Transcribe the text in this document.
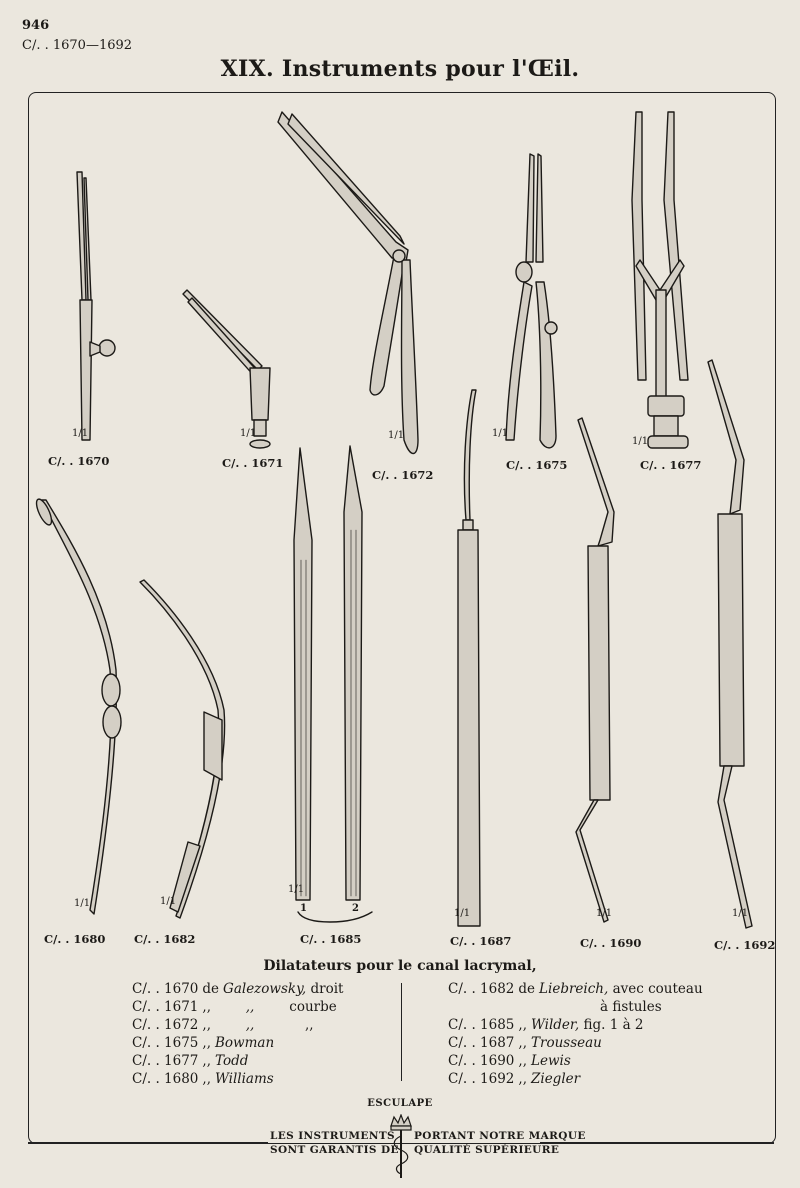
946
C/. . 1670—1692
XIX. Instruments pour l'Œil.
C/. . 1670	C/. . 1671
C/. . 1672
C/. . 1675	C/. . 1677
C/. . 1680 C/. . 1682	C/. . 1685	C/. . 1687	C/. . 1690	C/. . 1692
1/1	1/1	1/1	1/1
1/1
1/1	1/1
1/1
1/1	1/1	1/1
1	2
Dilatateurs pour le canal lacrymal,
C/. . 1670 de Galezowsky, droit
C/. . 1671 ,,	,,	courbe
C/. . 1672 ,,	,,	,,
C/. . 1675 ,, Bowman
C/. . 1677 ,, Todd
C/. . 1680 ,, Williams
C/. . 1682 de Liebreich, avec couteau
à fistules
C/. . 1685 ,, Wilder, fig. 1 à 2
C/. . 1687 ,, Trousseau
C/. . 1690 ,, Lewis
C/. . 1692 ,, Ziegler
ESCULAPE
LES INSTRUMENTS
SONT GARANTIS DE
PORTANT NOTRE MARQUE
QUALITÉ SUPÉRIEURE
